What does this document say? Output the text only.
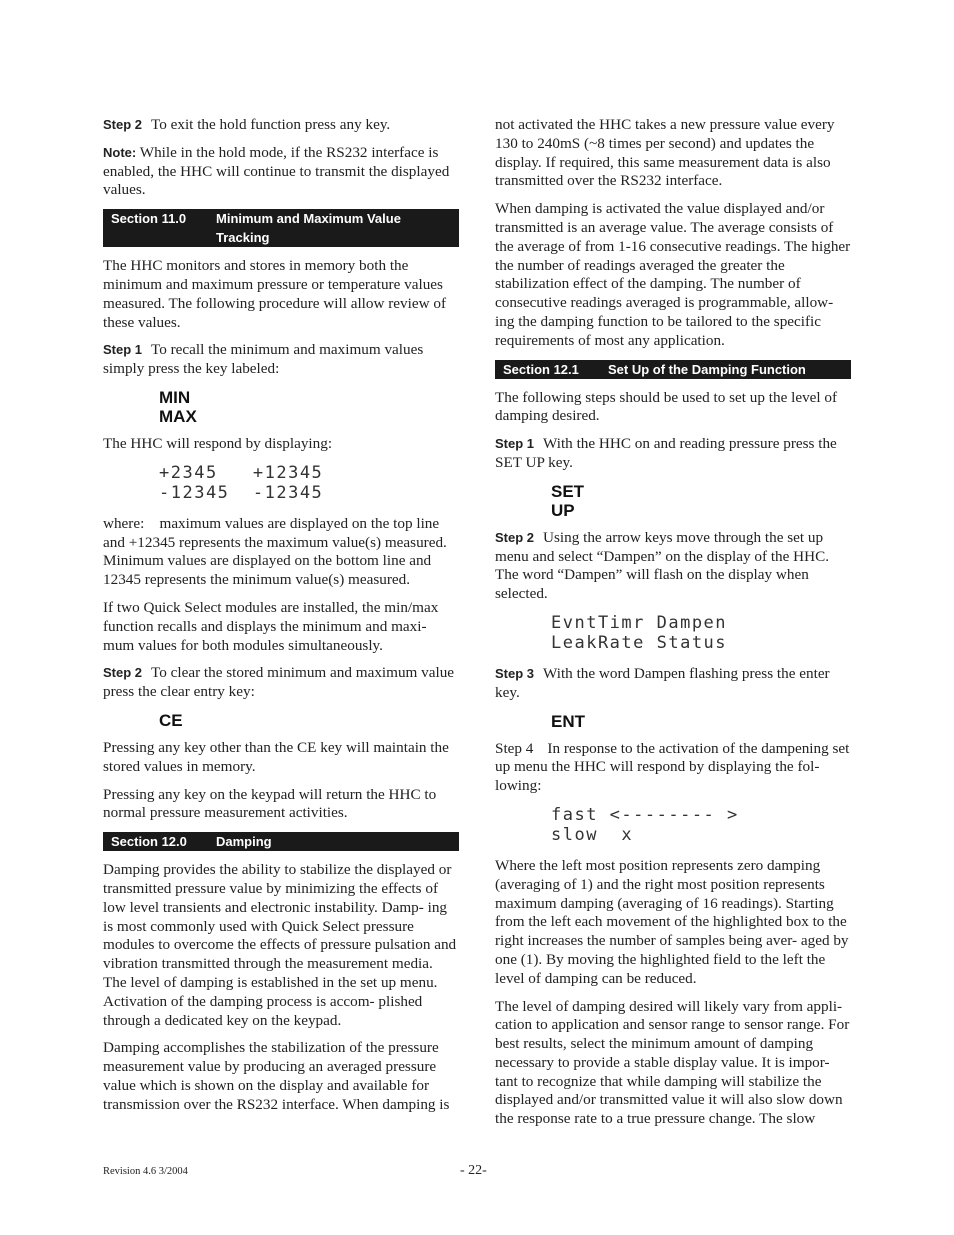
Step 2 To exit the hold function press any key.

Note: While in the hold mode, if the RS232 interface is enabled, the HHC will continue to transmit the displayed values.

Section 11.0	Minimum and Maximum Value Tracking

The HHC monitors and stores in memory both the minimum and maximum pressure or temperature values measured. The following procedure will allow review of these values.

Step 1 To recall the minimum and maximum values simply press the key labeled:

MIN
MAX

The HHC will respond by displaying:

+2345   +12345
-12345  -12345

where: maximum values are displayed on the top line and +12345 represents the maximum value(s) measured. Minimum values are displayed on the bottom line and 12345 represents the minimum value(s) measured.

If two Quick Select modules are installed, the min/max function recalls and displays the minimum and maxi- mum values for both modules simultaneously.

Step 2 To clear the stored minimum and maximum value press the clear entry key:

CE

Pressing any key other than the CE key will maintain the stored values in memory.

Pressing any key on the keypad will return the HHC to normal pressure measurement activities.

Section 12.0 Damping

Damping provides the ability to stabilize the displayed or transmitted pressure value by minimizing the effects of low level transients and electronic instability. Damp- ing is most commonly used with Quick Select pressure modules to overcome the effects of pressure pulsation and vibration transmitted through the measurement media. The level of damping is established in the set up menu. Activation of the damping process is accom- plished through a dedicated key on the keypad.

Damping accomplishes the stabilization of the pressure measurement value by producing an averaged pressure value which is shown on the display and available for transmission over the RS232 interface. When damping is

not activated the HHC takes a new pressure value every 130 to 240mS (~8 times per second) and updates the display. If required, this same measurement data is also transmitted over the RS232 interface.

When damping is activated the value displayed and/or transmitted is an average value. The average consists of the average of from 1-16 consecutive readings. The higher the number of readings averaged the greater the stabilization effect of the damping. The number of consecutive readings averaged is programmable, allow- ing the damping function to be tailored to the specific requirements of most any application.

Section 12.1 Set Up of the Damping Function

The following steps should be used to set up the level of damping desired.

Step 1 With the HHC on and reading pressure press the SET UP key.

SET
UP

Step 2 Using the arrow keys move through the set up menu and select “Dampen” on the display of the HHC. The word “Dampen” will flash on the display when selected.

EvntTimr Dampen
LeakRate Status

Step 3 With the word Dampen flashing press the enter key.

ENT

Step 4 In response to the activation of the dampening set up menu the HHC will respond by displaying the fol- lowing:

fast <-------- >
slow  x

Where the left most position represents zero damping (averaging of 1) and the right most position represents maximum damping (averaging of 16 readings). Starting from the left each movement of the highlighted box to the right increases the number of samples being aver- aged by one (1). By moving the highlighted field to the left the level of damping can be reduced.

The level of damping desired will likely vary from appli- cation to application and sensor range to sensor range. For best results, select the minimum amount of damping necessary to provide a stable display value. It is impor- tant to recognize that while damping will stabilize the displayed and/or transmitted value it will also slow down the response rate to a true pressure change. The slow

Revision 4.6 3/2004	- 22-
